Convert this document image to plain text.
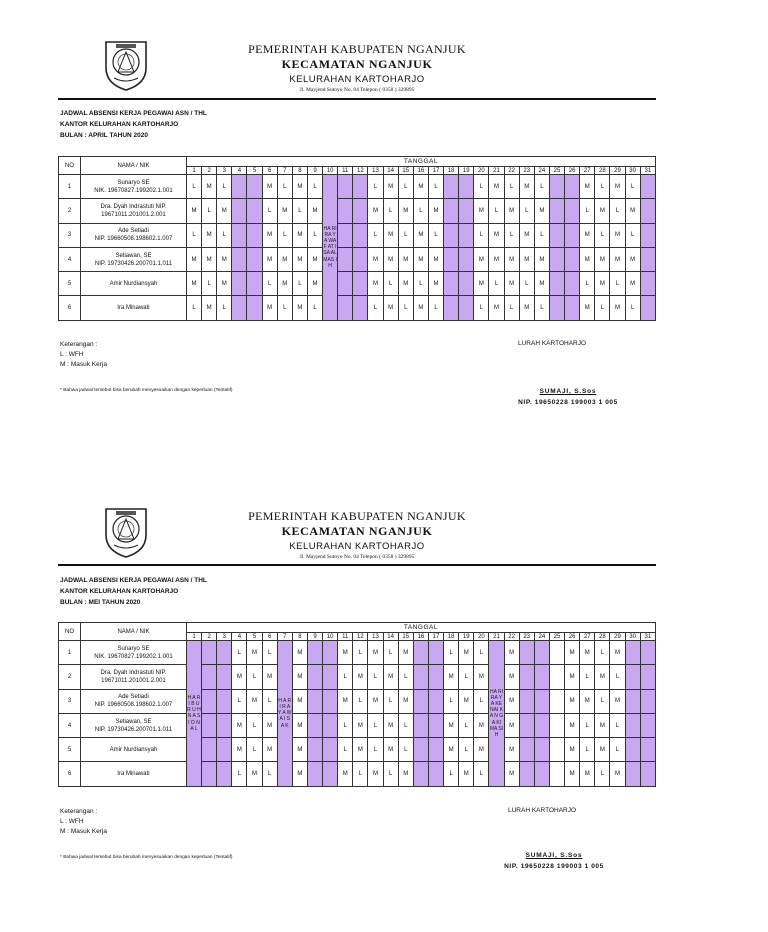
PEMERINTAH KABUPATEN NGANJUK
KECAMATAN NGANJUK
KELURAHAN KARTOHARJO
Jl. Mayjend Sutoyo No. 04 Telepon ( 0358 ) 329895
JADWAL ABSENSI KERJA PEGAWAI ASN / THL
KANTOR KELURAHAN KARTOHARJO
BULAN : APRIL TAHUN 2020
NO	NAMA / NIK	TANGGAL																														
		1	2	3	4	5	6	7	8	9	10	11	12	13	14	15	16	17	18	19	20	21	22	23	24	25	26	27	28	29	30	31
1	Sunaryo SE
NIK. 19670827.199202.1.001	L	M	L			M	L	M	L	HA RI RA YA WAF AT ISA AL MAS IH			L	M	L	M	L			L	M	L	M	L			M	L	M	L	
2	Dra. Dyah Indrastuti NIP.
19671011.201001.2.001	M	L	M			L	M	L	M				M	L	M	L	M			M	L	M	L	M			L	M	L	M	
3	Ade Setiadi
NIP. 19660508.198602.1.007	L	M	L			M	L	M	L				L	M	L	M	L			L	M	L	M	L			M	L	M	L	
4	Setiawan, SE
NIP. 19730426.200701.1.011	M	M	M			M	M	M	M				M	M	M	M	M			M	M	M	M	M			M	M	M	M	
5	Amir Nurdiansyah	M	L	M			L	M	L	M				M	L	M	L	M			M	L	M	L	M			L	M	L	M	
6	Ira Minawati	L	M	L			M	L	M	L				L	M	L	M	L			L	M	L	M	L			M	L	M	L	
Keterangan :
L : WFH
M : Masuk Kerja
* Bahwa jadwal tersebut bisa berubah menyesuaikan dengan keperluan (Tentatif)
LURAH KARTOHARJO
SUMAJI, S.Sos
NIP. 19650228 199003 1 005
PEMERINTAH KABUPATEN NGANJUK
KECAMATAN NGANJUK
KELURAHAN KARTOHARJO
Jl. Mayjend Sutoyo No. 04 Telepon ( 0358 ) 329895
JADWAL ABSENSI KERJA PEGAWAI ASN / THL
KANTOR KELURAHAN KARTOHARJO
BULAN : MEI TAHUN 2020
NO	NAMA / NIK	TANGGAL																														
		1	2	3	4	5	6	7	8	9	10	11	12	13	14	15	16	17	18	19	20	21	22	23	24	25	26	27	28	29	30	31
1	Sunaryo SE
NIK. 19670827.199202.1.001	H A R I B U R U H N A S I O N A L			L	M	L	H A R I R A Y A W A I S A K	M			M	L	M	L	M			L	M	L	HA RI RA YA KE NAI KA N GA KI MA SIH	M				M	M	L	M		
2	Dra. Dyah Indrastuti NIP.
19671011.201001.2.001				M	L	M		M			L	M	L	M	L			M	L	M		M				M	L	M	L		
3	Ade Setiadi
NIP. 19660508.198602.1.007				L	M	L		M			M	L	M	L	M			L	M	L		M				M	M	L	M		
4	Setiawan, SE
NIP. 19730426.200701.1.011				M	L	M		M			L	M	L	M	L			M	L	M		M				M	L	M	L		
5	Amir Nurdiansyah				M	L	M		M			L	M	L	M	L			M	L	M		M				M	L	M	L		
6	Ira Minawati				L	M	L		M			M	L	M	L	M			L	M	L		M				M	M	L	M		
Keterangan :
L : WFH
M : Masuk Kerja
* Bahwa jadwal tersebut bisa berubah menyesuaikan dengan keperluan (Tentatif)
LURAH KARTOHARJO
SUMAJI, S.Sos
NIP. 19650228 199003 1 005
